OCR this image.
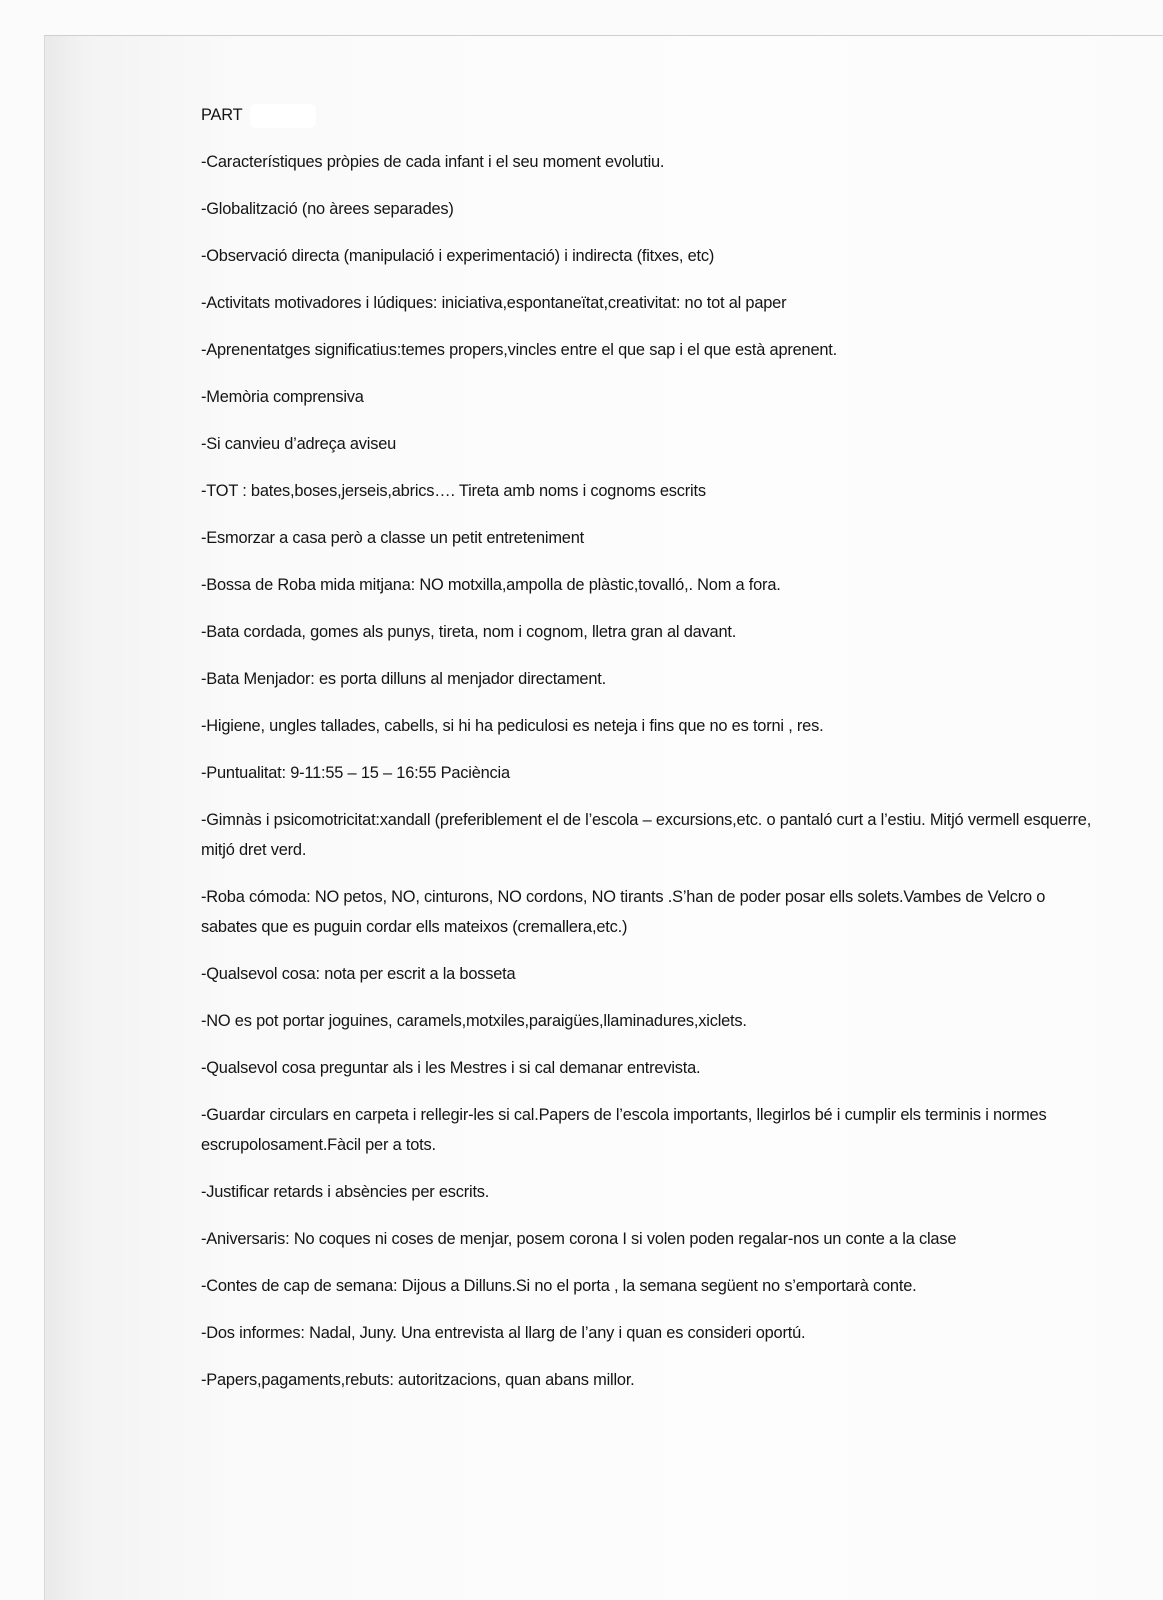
PART
-Característiques pròpies de cada infant i el seu moment evolutiu.
-Globalització (no àrees separades)
-Observació directa (manipulació i experimentació) i indirecta (fitxes, etc)
-Activitats motivadores i lúdiques: iniciativa,espontaneïtat,creativitat: no tot al paper
-Aprenentatges significatius:temes propers,vincles entre el que sap i el que està aprenent.
-Memòria comprensiva
-Si canvieu d’adreça aviseu
-TOT : bates,boses,jerseis,abrics…. Tireta amb noms i cognoms escrits
-Esmorzar a casa però a classe un petit entreteniment
-Bossa de Roba mida mitjana: NO motxilla,ampolla de plàstic,tovalló,. Nom a fora.
-Bata cordada, gomes als punys, tireta, nom i cognom, lletra gran al davant.
-Bata Menjador: es porta dilluns al menjador directament.
-Higiene, ungles tallades, cabells, si hi ha pediculosi es neteja i fins que no es torni , res.
-Puntualitat: 9-11:55 – 15 – 16:55 Paciència
-Gimnàs i psicomotricitat:xandall (preferiblement el de l’escola – excursions,etc. o pantaló curt a l’estiu. Mitjó vermell esquerre, mitjó dret verd.
-Roba cómoda: NO petos, NO, cinturons, NO cordons, NO tirants .S’han de poder posar ells solets.Vambes de Velcro o sabates que es puguin cordar ells mateixos (cremallera,etc.)
-Qualsevol cosa: nota per escrit a la bosseta
-NO es pot portar joguines, caramels,motxiles,paraigües,llaminadures,xiclets.
-Qualsevol cosa preguntar als i les Mestres i si cal demanar entrevista.
-Guardar circulars en carpeta i rellegir-les si cal.Papers de l’escola importants, llegirlos bé i cumplir els terminis i normes escrupolosament.Fàcil per a tots.
-Justificar retards i absències per escrits.
-Aniversaris: No coques ni coses de menjar, posem corona I si volen poden regalar-nos un conte a la clase
-Contes de cap de semana: Dijous a Dilluns.Si no el porta , la semana següent no s’emportarà conte.
-Dos informes: Nadal, Juny. Una entrevista al llarg de l’any i quan es consideri oportú.
-Papers,pagaments,rebuts: autoritzacions, quan abans millor.
